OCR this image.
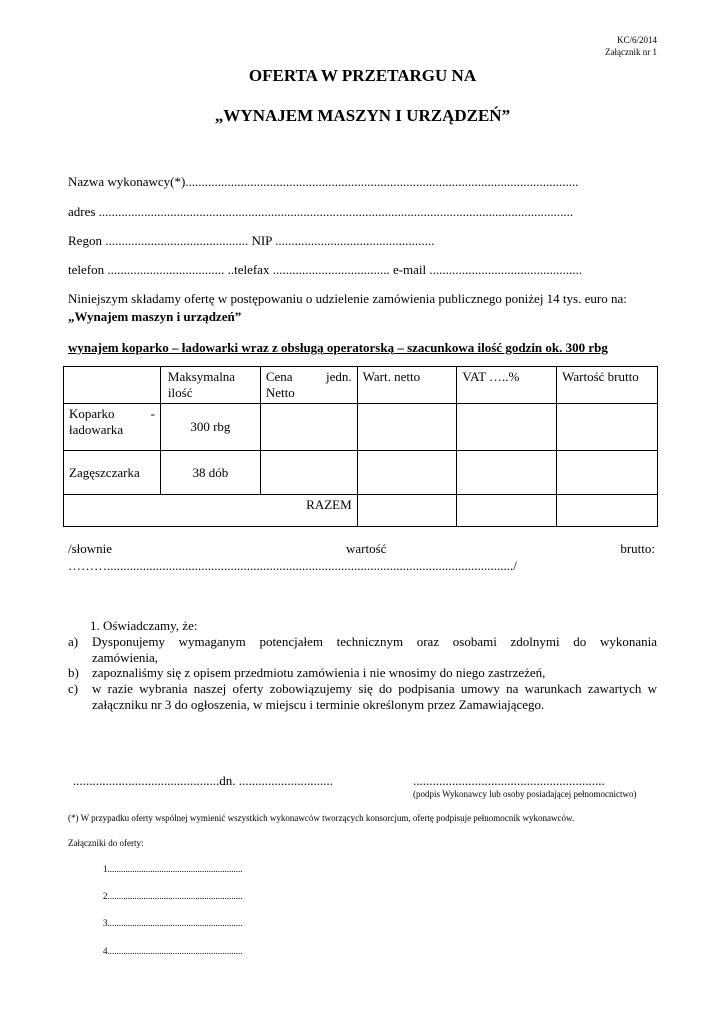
KC/6/2014
Załącznik nr 1
OFERTA W PRZETARGU NA
„WYNAJEM MASZYN I URZĄDZEŃ”
Nazwa wykonawcy(*).........................................................................................................................
adres ..................................................................................................................................................
Regon ............................................ NIP .................................................
telefon .................................... ..telefax .................................... e-mail ...............................................
Niniejszym składamy ofertę w postępowaniu o udzielenie zamówienia publicznego poniżej 14 tys. euro na:
„Wynajem maszyn i urządzeń”
wynajem koparko – ładowarki wraz z obsługą operatorską – szacunkowa ilość godzin ok. 300 rbg

	Maksymalna ilość	Cena jedn.
Netto	Wart. netto	VAT …..%	Wartość brutto

Koparko -
ładowarka	300 rbg				
Zagęszczarka	38 dób				
RAZEM					
/słownie	wartość	brutto:
………............................................................................................................................./
1. Oświadczamy, że:
a) Dysponujemy wymaganym potencjałem technicznym oraz osobami zdolnymi do wykonania
zamówienia,
b) zapoznaliśmy się z opisem przedmiotu zamówienia i nie wnosimy do niego zastrzeżeń,
c) w razie wybrania naszej oferty zobowiązujemy się do podpisania umowy na warunkach zawartych w
załączniku nr 3 do ogłoszenia, w miejscu i terminie określonym przez Zamawiającego.
.............................................dn. .............................	...........................................................
(podpis Wykonawcy lub osoby posiadającej pełnomocnictwo)
(*) W przypadku oferty wspólnej wymienić wszystkich wykonawców tworzących konsorcjum, ofertę podpisuje pełnomocnik wykonawców.
Załączniki do oferty:
1............................................................
2............................................................
3............................................................
4............................................................
